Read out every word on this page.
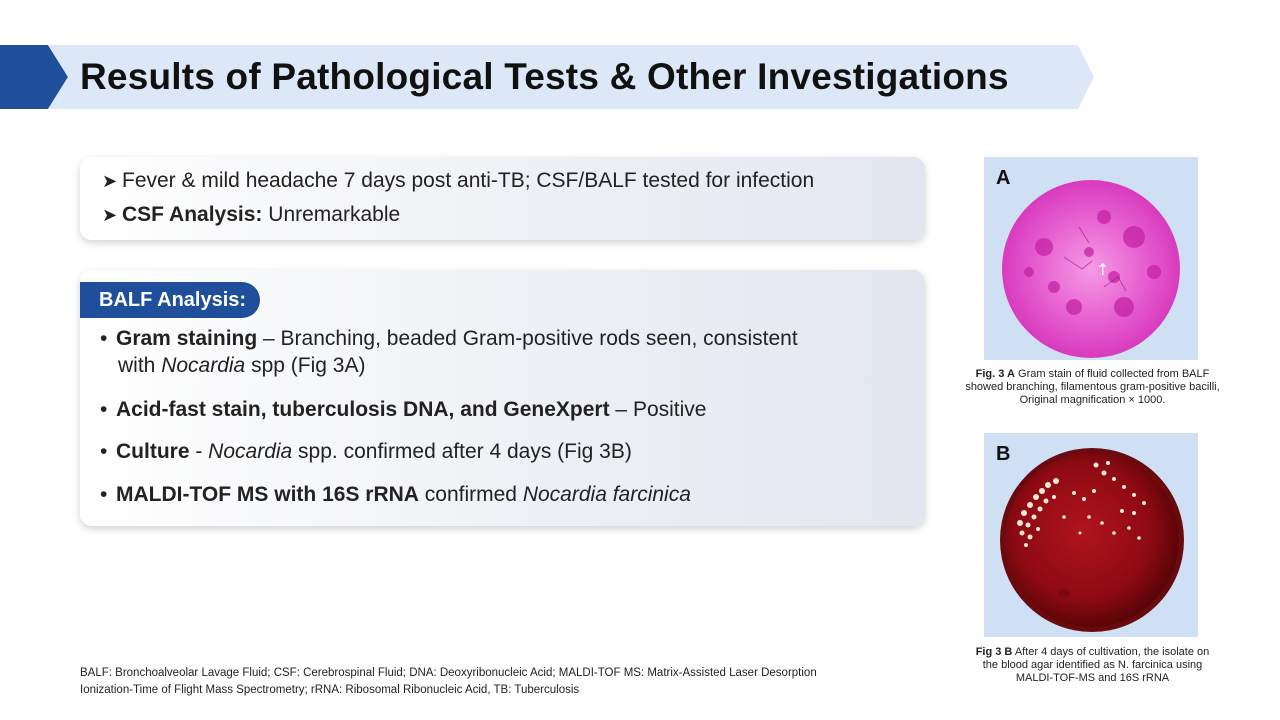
Results of Pathological Tests & Other Investigations
➤ Fever & mild headache 7 days post anti-TB; CSF/BALF tested for infection
➤ CSF Analysis: Unremarkable
BALF Analysis:
• Gram staining – Branching, beaded Gram-positive rods seen, consistent
with Nocardia spp (Fig 3A)
• Acid-fast stain, tuberculosis DNA, and GeneXpert – Positive
• Culture - Nocardia spp. confirmed after 4 days (Fig 3B)
• MALDI-TOF MS with 16S rRNA confirmed Nocardia farcinica
A
↑
Fig. 3 A Gram stain of fluid collected from BALF
showed branching, filamentous gram-positive bacilli,
Original magnification × 1000.
B
Fig 3 B After 4 days of cultivation, the isolate on
the blood agar identified as N. farcinica using
MALDI-TOF-MS and 16S rRNA
BALF: Bronchoalveolar Lavage Fluid; CSF: Cerebrospinal Fluid; DNA: Deoxyribonucleic Acid; MALDI-TOF MS: Matrix-Assisted Laser Desorption
Ionization-Time of Flight Mass Spectrometry; rRNA: Ribosomal Ribonucleic Acid, TB: Tuberculosis
